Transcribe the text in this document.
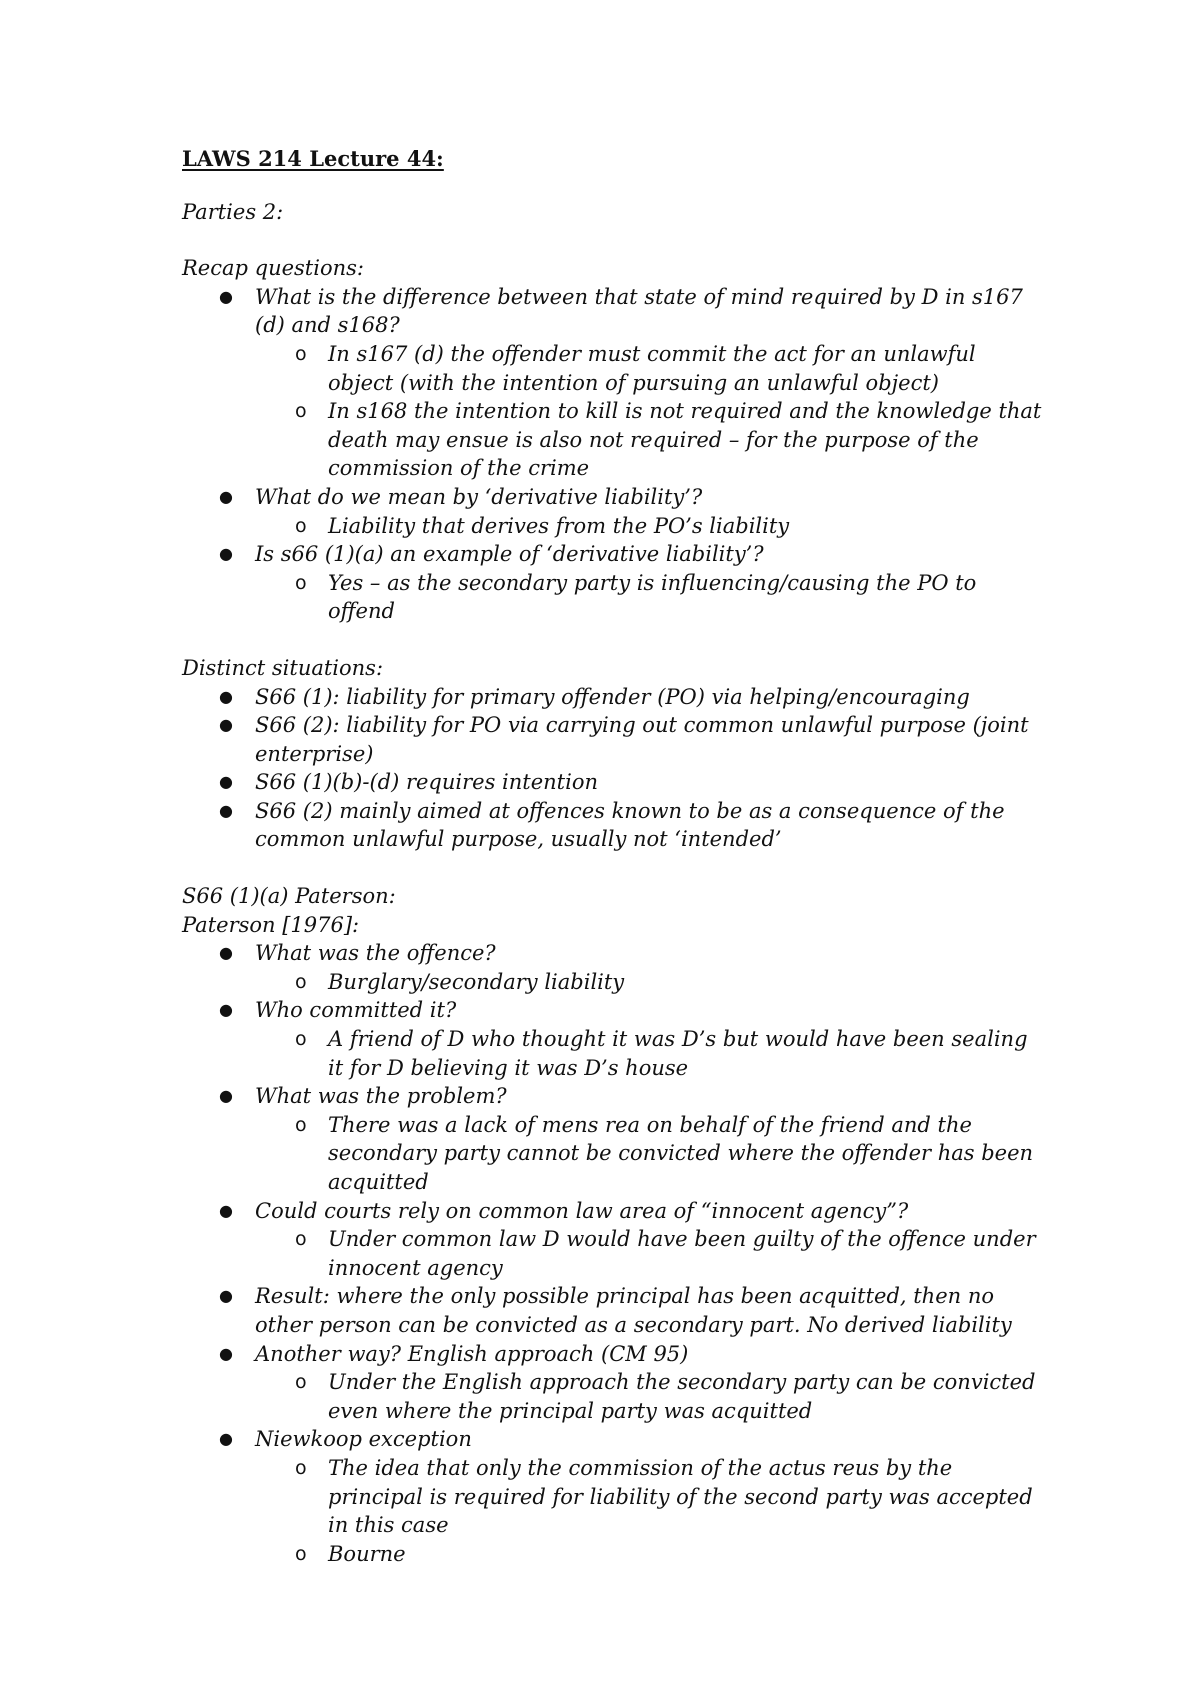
LAWS 214 Lecture 44:

Parties 2:

Recap questions:

● What is the difference between that state of mind required by D in s167 (d) and s168?
o In s167 (d) the offender must commit the act for an unlawful object (with the intention of pursuing an unlawful object)
o In s168 the intention to kill is not required and the knowledge that death may ensue is also not required – for the purpose of the commission of the crime
● What do we mean by ‘derivative liability’?
o Liability that derives from the PO’s liability
● Is s66 (1)(a) an example of ‘derivative liability’?
o Yes – as the secondary party is influencing/causing the PO to offend

Distinct situations:

● S66 (1): liability for primary offender (PO) via helping/encouraging
● S66 (2): liability for PO via carrying out common unlawful purpose (joint enterprise)
● S66 (1)(b)-(d) requires intention
● S66 (2) mainly aimed at offences known to be as a consequence of the common unlawful purpose, usually not ‘intended’

S66 (1)(a) Paterson:

Paterson [1976]:

● What was the offence?
o Burglary/secondary liability
● Who committed it?
o A friend of D who thought it was D’s but would have been sealing it for D believing it was D’s house
● What was the problem?
o There was a lack of mens rea on behalf of the friend and the secondary party cannot be convicted where the offender has been acquitted
● Could courts rely on common law area of “innocent agency”?
o Under common law D would have been guilty of the offence under innocent agency
● Result: where the only possible principal has been acquitted, then no other person can be convicted as a secondary part. No derived liability
● Another way? English approach (CM 95)
o Under the English approach the secondary party can be convicted even where the principal party was acquitted
● Niewkoop exception
o The idea that only the commission of the actus reus by the principal is required for liability of the second party was accepted in this case
o Bourne
